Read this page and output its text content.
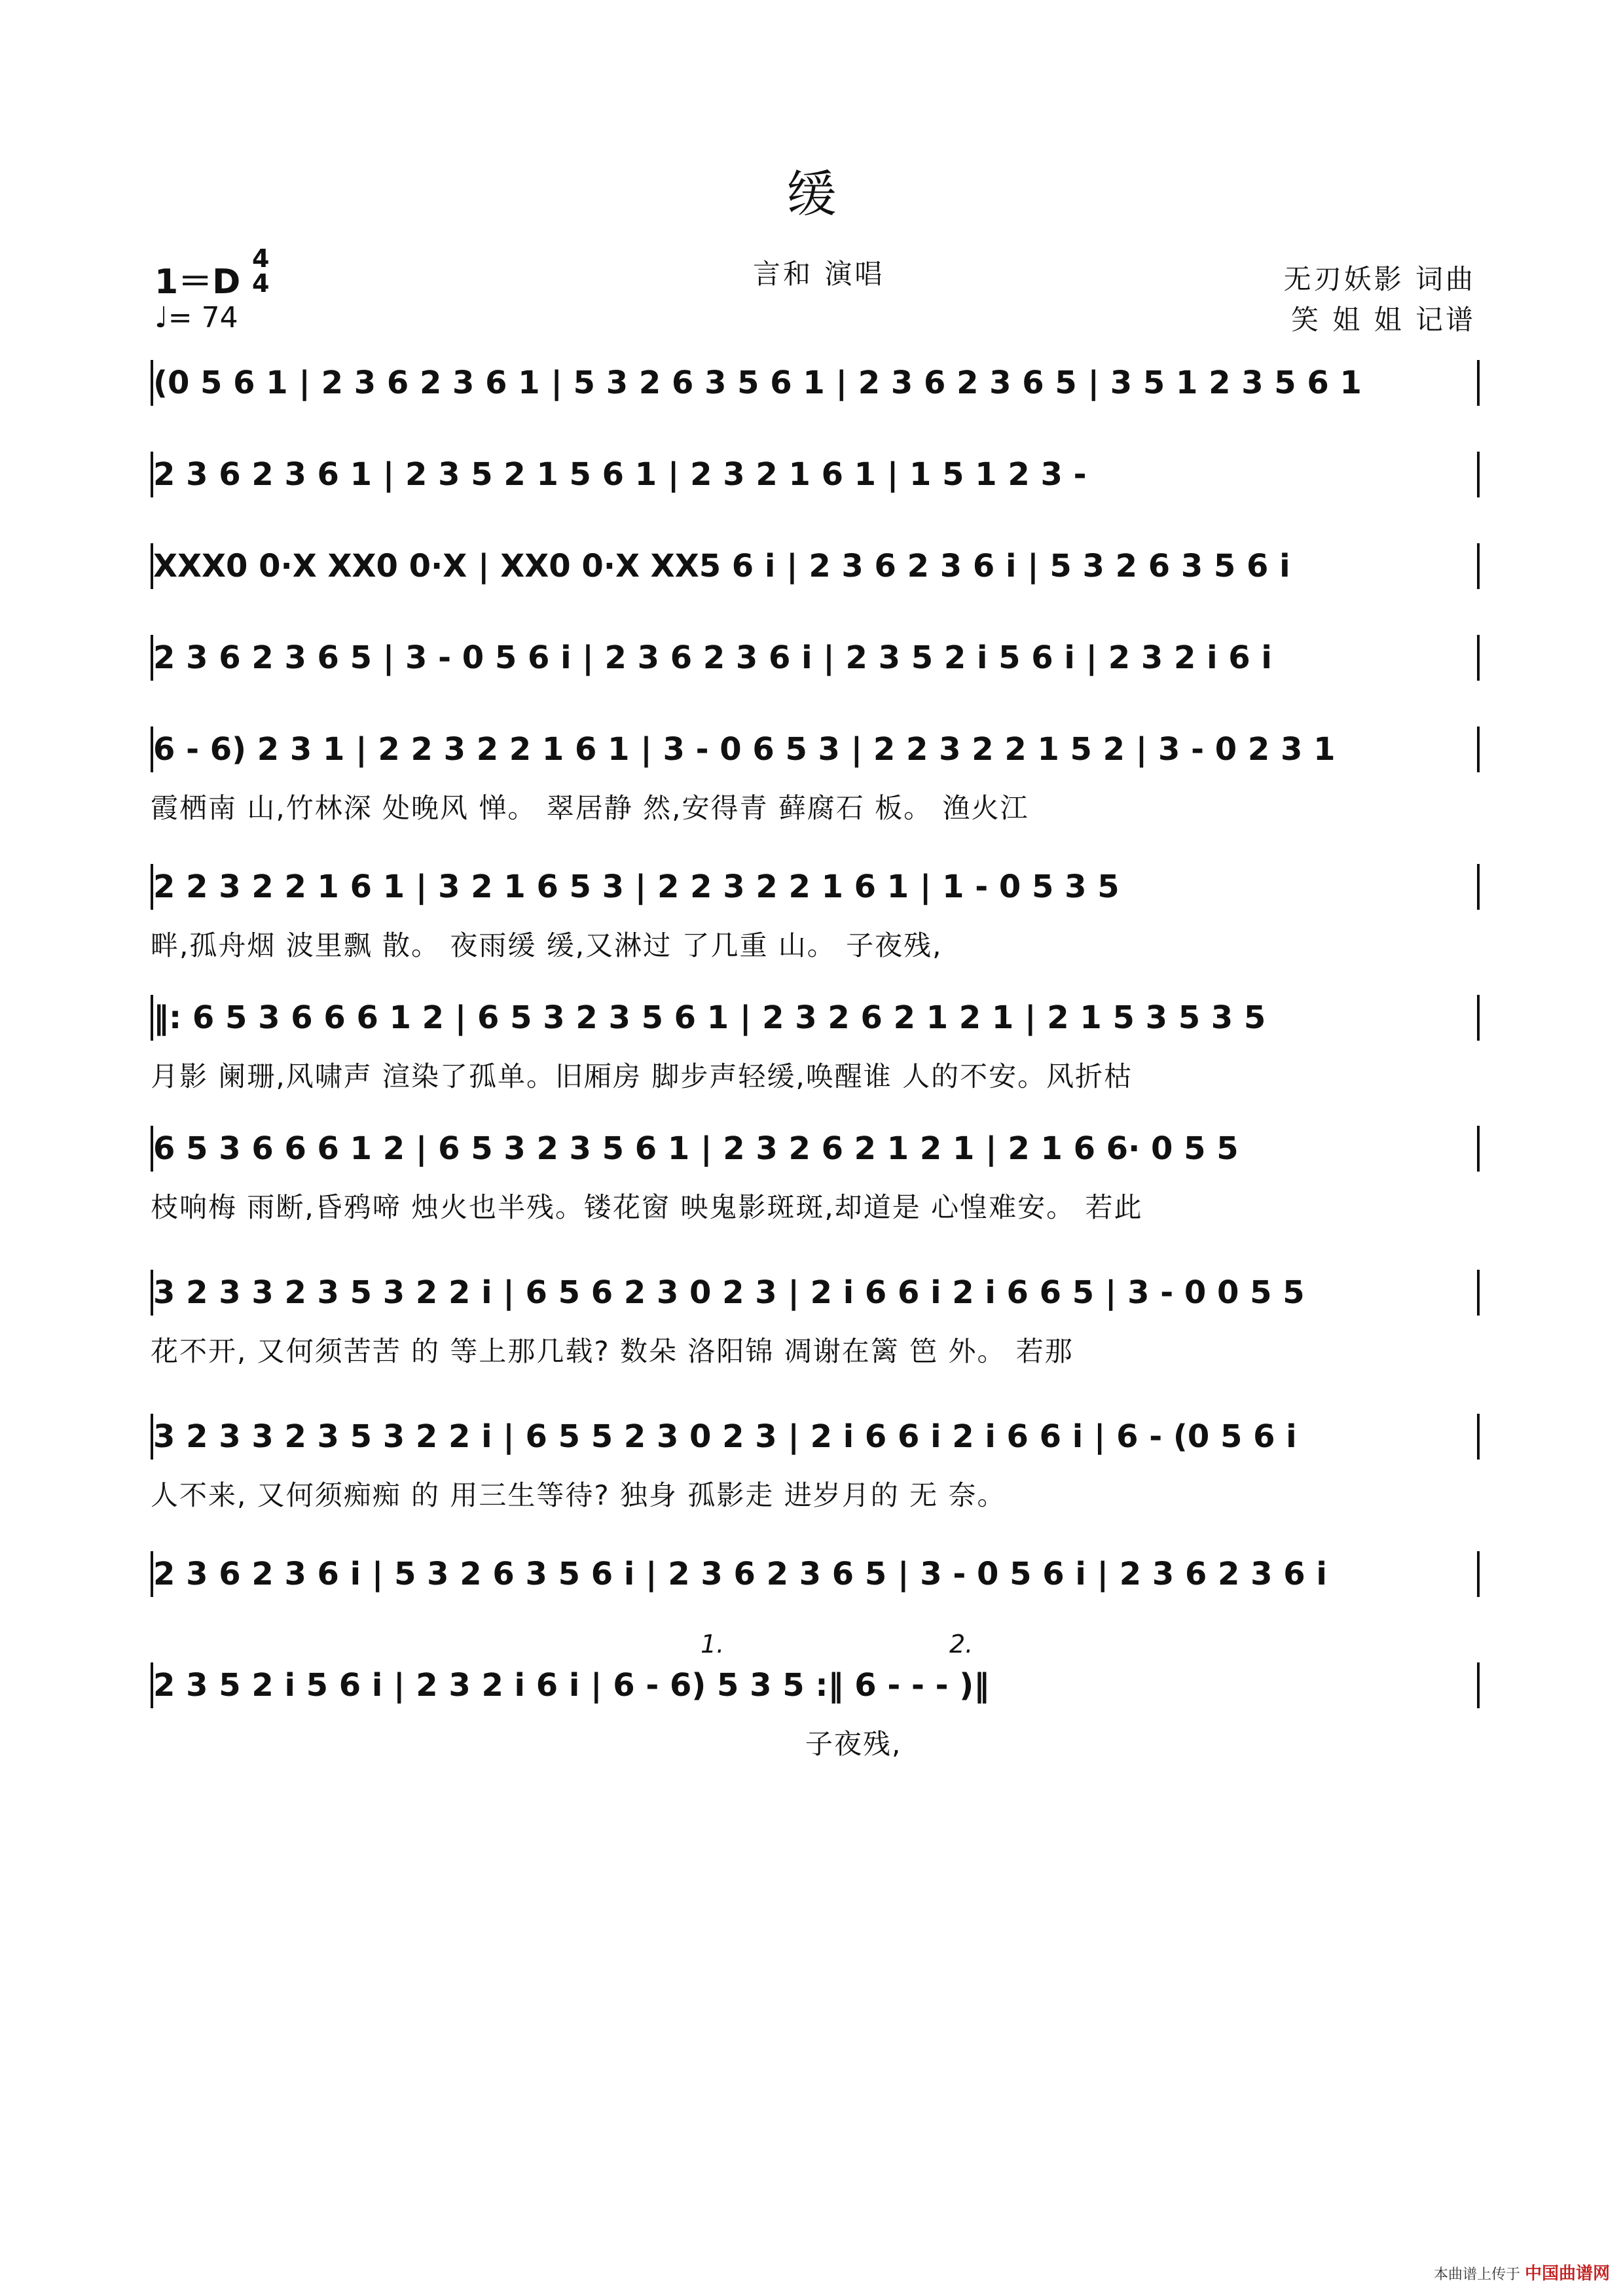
缓
1＝D
4
4
♩= 74
言和 演唱	无刃妖影 词曲
笑 姐 姐 记谱
(0 5 6 1 | 2 3 6 2 3 6 1 | 5 3 2 6 3 5 6 1 | 2 3 6 2 3 6 5 | 3 5 1 2 3 5 6 1
2 3 6 2 3 6 1 | 2 3 5 2 1 5 6 1 | 2 3 2 1 6 1 | 1 5 1 2 3 -
XXX0 0·X XX0 0·X | XX0 0·X XX5 6 i | 2 3 6 2 3 6 i | 5 3 2 6 3 5 6 i
2 3 6 2 3 6 5 | 3 - 0 5 6 i | 2 3 6 2 3 6 i | 2 3 5 2 i 5 6 i | 2 3 2 i 6 i
6 - 6) 2 3 1 | 2 2 3 2 2 1 6 1 | 3 - 0 6 5 3 | 2 2 3 2 2 1 5 2 | 3 - 0 2 3 1
霞栖南 山,竹林深 处晚风 惮。 翠居静 然,安得青 藓腐石 板。 渔火江
2 2 3 2 2 1 6 1 | 3 2 1 6 5 3 | 2 2 3 2 2 1 6 1 | 1 - 0 5 3 5
畔,孤舟烟 波里飘 散。 夜雨缓 缓,又淋过 了几重 山。 子夜残,
‖: 6 5 3 6 6 6 1 2 | 6 5 3 2 3 5 6 1 | 2 3 2 6 2 1 2 1 | 2 1 5 3 5 3 5
月影 阑珊,风啸声 渲染了孤单。旧厢房 脚步声轻缓,唤醒谁 人的不安。风折枯
6 5 3 6 6 6 1 2 | 6 5 3 2 3 5 6 1 | 2 3 2 6 2 1 2 1 | 2 1 6 6· 0 5 5
枝响梅 雨断,昏鸦啼 烛火也半残。镂花窗 映鬼影斑斑,却道是 心惶难安。 若此
3 2 3 3 2 3 5 3 2 2 i | 6 5 6 2 3 0 2 3 | 2 i 6 6 i 2 i 6 6 5 | 3 - 0 0 5 5
花不开, 又何须苦苦 的 等上那几载? 数朵 洛阳锦 凋谢在篱 笆 外。 若那
3 2 3 3 2 3 5 3 2 2 i | 6 5 5 2 3 0 2 3 | 2 i 6 6 i 2 i 6 6 i | 6 - (0 5 6 i
人不来, 又何须痴痴 的 用三生等待? 独身 孤影走 进岁月的 无 奈。
2 3 6 2 3 6 i | 5 3 2 6 3 5 6 i | 2 3 6 2 3 6 5 | 3 - 0 5 6 i | 2 3 6 2 3 6 i
2 3 5 2 i 5 6 i | 2 3 2 i 6 i | 6 - 6) 5 3 5 :‖ 6 - - - )‖
子夜残,
1.	2.
本曲谱上传于 中国曲谱网
